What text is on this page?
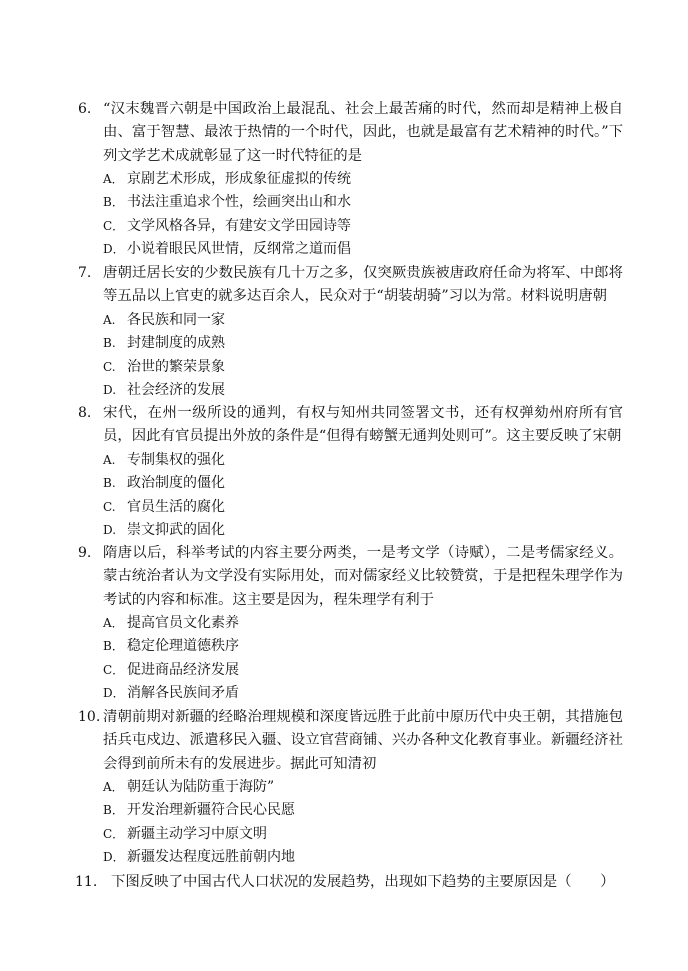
6. “汉末魏晋六朝是中国政治上最混乱、社会上最苦痛的时代，然而却是精神上极自由、富于智慧、最浓于热情的一个时代，因此，也就是最富有艺术精神的时代。”下列文学艺术成就彰显了这一时代特征的是
A． 京剧艺术形成，形成象征虚拟的传统
B． 书法注重追求个性，绘画突出山和水
C． 文学风格各异，有建安文学田园诗等
D． 小说着眼民风世情，反纲常之道而倡
7. 唐朝迁居长安的少数民族有几十万之多，仅突厥贵族被唐政府任命为将军、中郎将等五品以上官吏的就多达百余人，民众对于“胡装胡骑”习以为常。材料说明唐朝
A. 各民族和同一家
B. 封建制度的成熟
C. 治世的繁荣景象
D. 社会经济的发展
8. 宋代，在州一级所设的通判，有权与知州共同签署文书，还有权弹劾州府所有官员，因此有官员提出外放的条件是“但得有螃蟹无通判处则可”。这主要反映了宋朝
A. 专制集权的强化
B. 政治制度的僵化
C. 官员生活的腐化
D. 崇文抑武的固化
9. 隋唐以后，科举考试的内容主要分两类，一是考文学（诗赋），二是考儒家经义。蒙古统治者认为文学没有实际用处，而对儒家经义比较赞赏，于是把程朱理学作为考试的内容和标准。这主要是因为，程朱理学有利于
A． 提高官员文化素养
B． 稳定伦理道德秩序
C． 促进商品经济发展
D． 消解各民族间矛盾
10. 清朝前期对新疆的经略治理规模和深度皆远胜于此前中原历代中央王朝，其措施包括兵屯戍边、派遣移民入疆、设立官营商铺、兴办各种文化教育事业。新疆经济社会得到前所未有的发展进步。据此可知清初
A． 朝廷认为陆防重于海防”
B． 开发治理新疆符合民心民愿
C． 新疆主动学习中原文明
D． 新疆发达程度远胜前朝内地
11. 下图反映了中国古代人口状况的发展趋势，出现如下趋势的主要原因是（　　）
